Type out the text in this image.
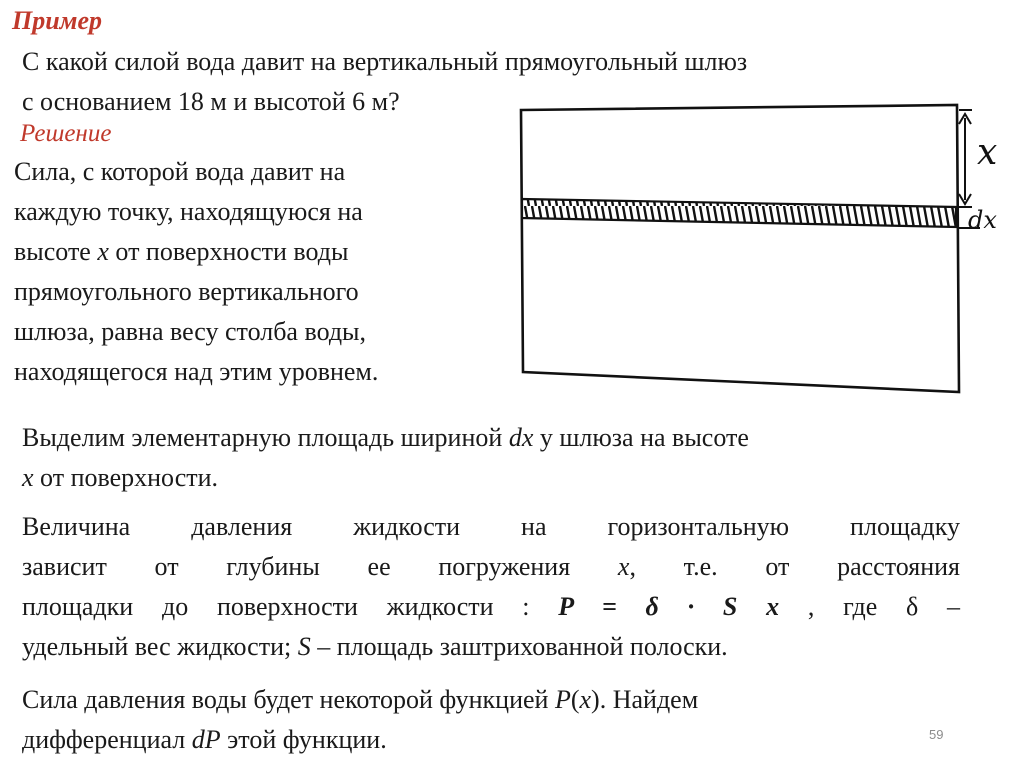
Пример
С какой силой вода давит на вертикальный прямоугольный шлюз
с основанием 18 м и высотой 6 м?
Решение
Сила, с которой вода давит на
каждую точку, находящуюся на
высоте x от поверхности воды
прямоугольного вертикального
шлюза, равна весу столба воды,
находящегося над этим уровнем.
x
dx
Выделим элементарную площадь шириной dx у шлюза на высоте
x от поверхности.
Величина давления жидкости на горизонтальную площадку
зависит от глубины ее погружения x, т.е. от расстояния
площадки до поверхности жидкости : P = δ · S x , где δ –
удельный вес жидкости; S – площадь заштрихованной полоски.
Сила давления воды будет некоторой функцией P(x). Найдем
дифференциал dP этой функции.	59
